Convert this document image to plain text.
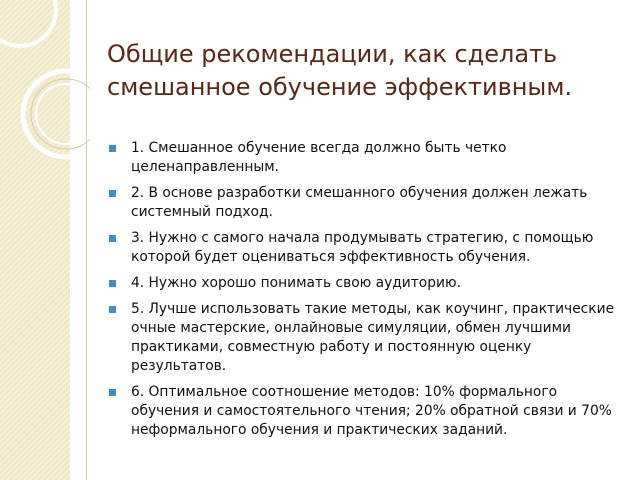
Общие рекомендации, как сделать смешанное обучение эффективным.
1. Смешанное обучение всегда должно быть четко целенаправленным.
2. В основе разработки смешанного обучения должен лежать системный подход.
3. Нужно с самого начала продумывать стратегию, с помощью которой будет оцениваться эффективность обучения.
4. Нужно хорошо понимать свою аудиторию.
5. Лучше использовать такие методы, как коучинг, практические очные мастерские, онлайновые симуляции, обмен лучшими практиками, совместную работу и постоянную оценку результатов.
6. Оптимальное соотношение методов: 10% формального обучения и самостоятельного чтения; 20% обратной связи и 70% неформального обучения и практических заданий.
